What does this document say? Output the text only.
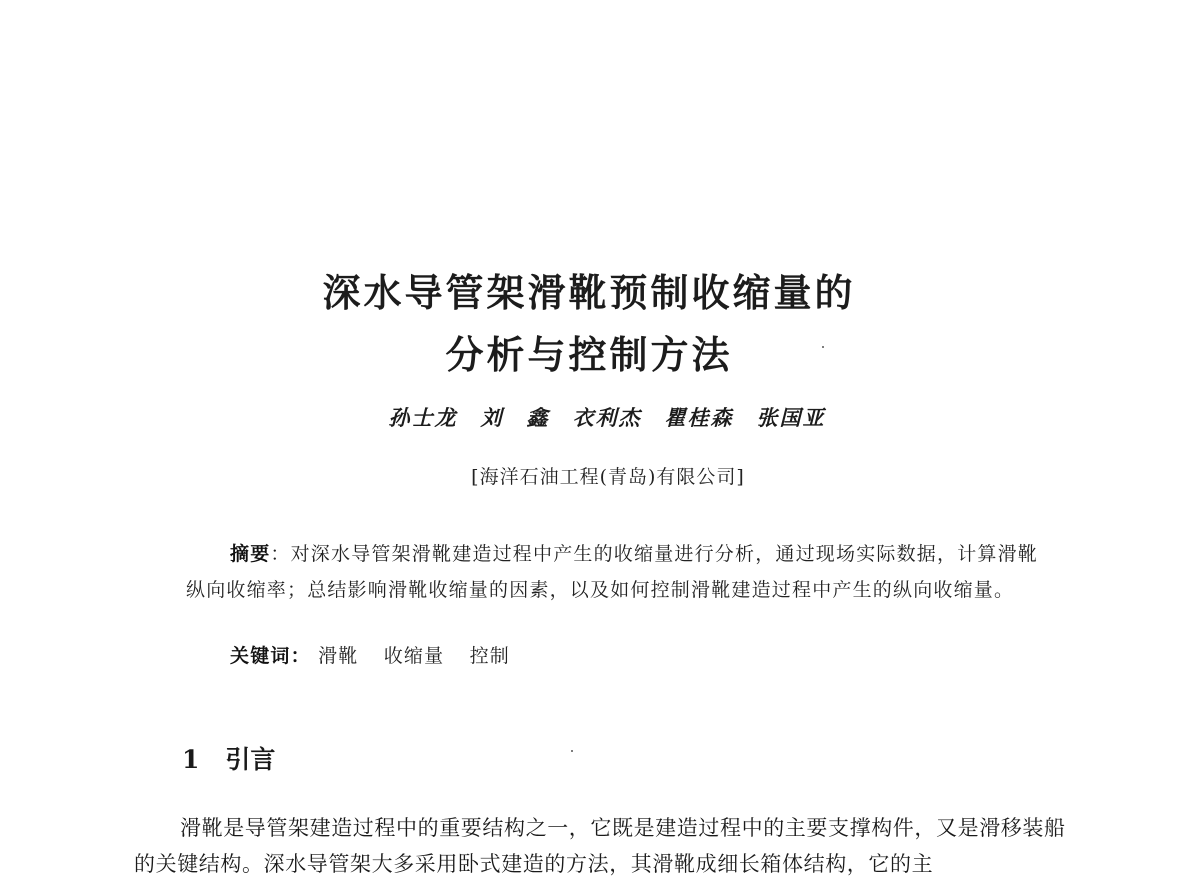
深水导管架滑靴预制收缩量的
分析与控制方法
孙士龙　刘　鑫　衣利杰　瞿桂森　张国亚
[海洋石油工程(青岛)有限公司]
摘要：对深水导管架滑靴建造过程中产生的收缩量进行分析，通过现场实际数据，计算滑靴纵向收缩率；总结影响滑靴收缩量的因素，以及如何控制滑靴建造过程中产生的纵向收缩量。
关键词： 滑靴 收缩量 控制
1 引言
滑靴是导管架建造过程中的重要结构之一，它既是建造过程中的主要支撑构件，又是滑移装船的关键结构。深水导管架大多采用卧式建造的方法，其滑靴成细长箱体结构，它的主
